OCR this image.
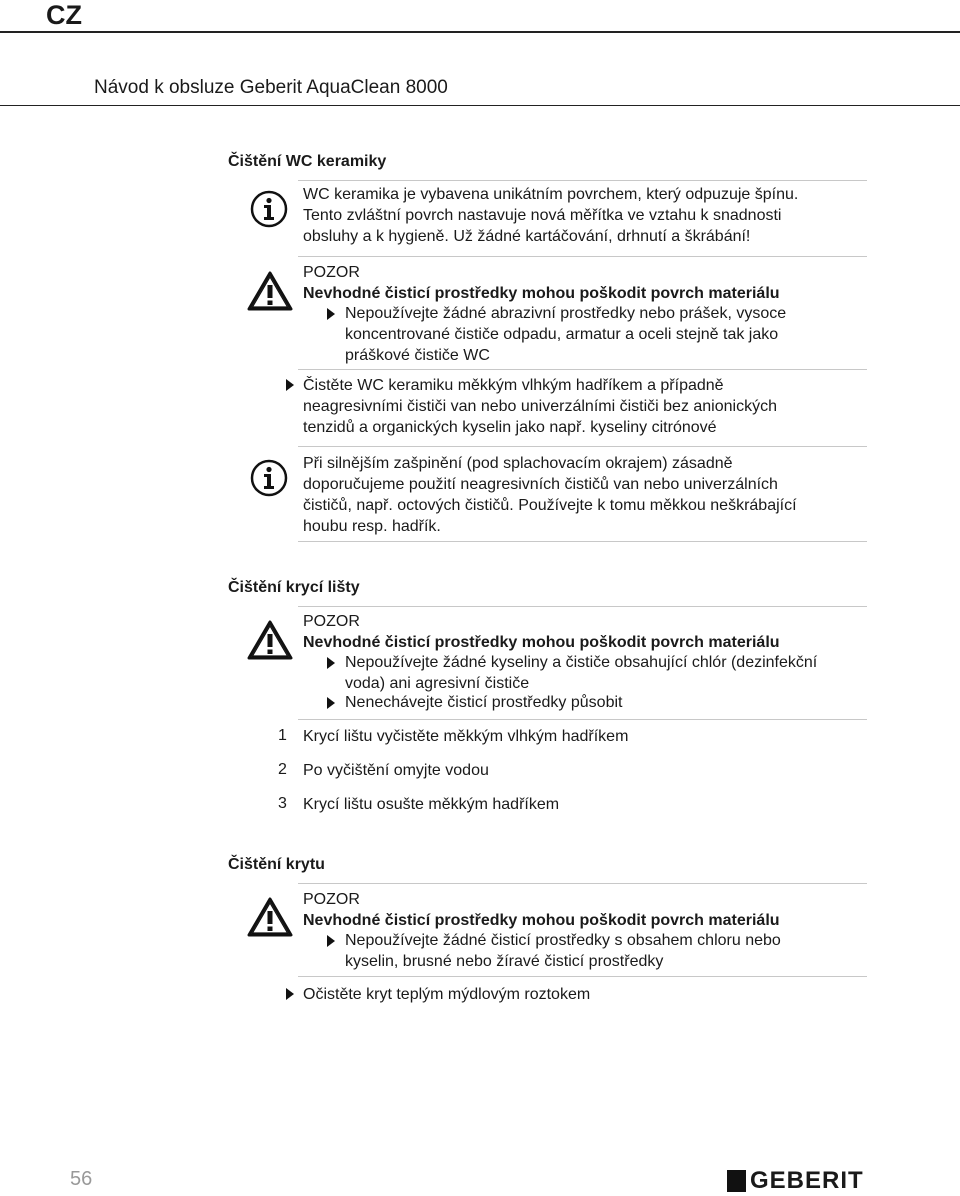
CZ
Návod k obsluze Geberit AquaClean 8000
Čištění WC keramiky
WC keramika je vybavena unikátním povrchem, který odpuzuje špínu.
Tento zvláštní povrch nastavuje nová měřítka ve vztahu k snadnosti
obsluhy a k hygieně. Už žádné kartáčování, drhnutí a škrábání!
POZOR
Nevhodné čisticí prostředky mohou poškodit povrch materiálu
Nepoužívejte žádné abrazivní prostředky nebo prášek, vysoce
koncentrované čističe odpadu, armatur a oceli stejně tak jako
práškové čističe WC
Čistěte WC keramiku měkkým vlhkým hadříkem a případně
neagresivními čističi van nebo univerzálními čističi bez anionických
tenzidů a organických kyselin jako např. kyseliny citrónové
Při silnějším zašpinění (pod splachovacím okrajem) zásadně
doporučujeme použití neagresivních čističů van nebo univerzálních
čističů, např. octových čističů. Používejte k tomu měkkou neškrábající
houbu resp. hadřík.
Čištění krycí lišty
POZOR
Nevhodné čisticí prostředky mohou poškodit povrch materiálu
Nepoužívejte žádné kyseliny a čističe obsahující chlór (dezinfekční
voda) ani agresivní čističe
Nenechávejte čisticí prostředky působit
1 Krycí lištu vyčistěte měkkým vlhkým hadříkem
2 Po vyčištění omyjte vodou
3 Krycí lištu osušte měkkým hadříkem
Čištění krytu
POZOR
Nevhodné čisticí prostředky mohou poškodit povrch materiálu
Nepoužívejte žádné čisticí prostředky s obsahem chloru nebo
kyselin, brusné nebo žíravé čisticí prostředky
Očistěte kryt teplým mýdlovým roztokem
56	GEBERIT
